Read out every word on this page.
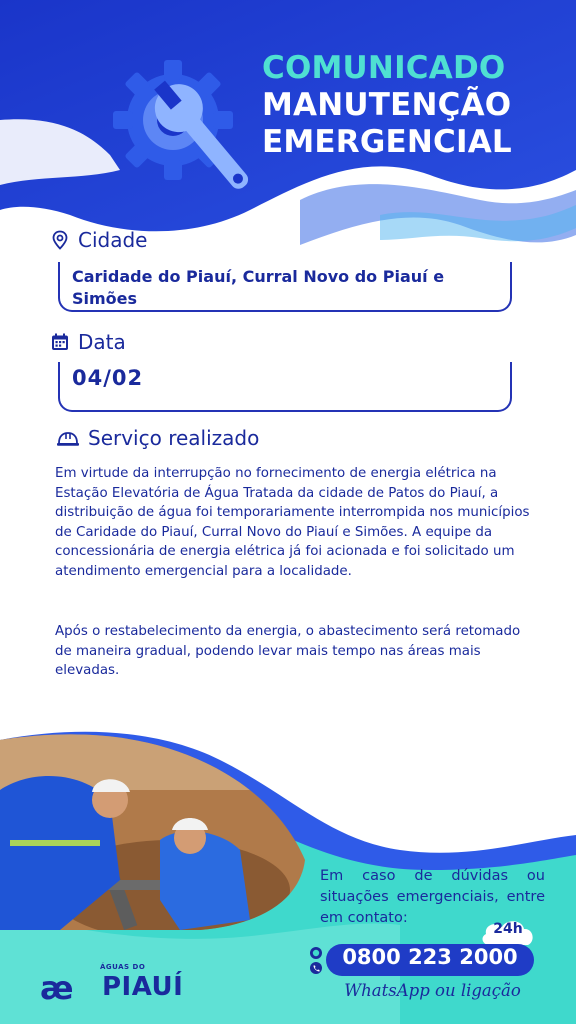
COMUNICADO
MANUTENÇÃO
EMERGENCIAL
Cidade
Caridade do Piauí, Curral Novo do Piauí e Simões
Data
04/02
Serviço realizado

Em virtude da interrupção no fornecimento de energia elétrica na Estação Elevatória de Água Tratada da cidade de Patos do Piauí, a distribuição de água foi temporariamente interrompida nos municípios de Caridade do Piauí, Curral Novo do Piauí e Simões. A equipe da concessionária de energia elétrica já foi acionada e foi solicitado um atendimento emergencial para a localidade.

Após o restabelecimento da energia, o abastecimento será retomado de maneira gradual, podendo levar mais tempo nas áreas mais elevadas.

Em caso de dúvidas ou situações emergenciais, entre em contato:
24h
0800 223 2000
WhatsApp ou ligação
ÁGUAS DO
æ PIAUÍ
